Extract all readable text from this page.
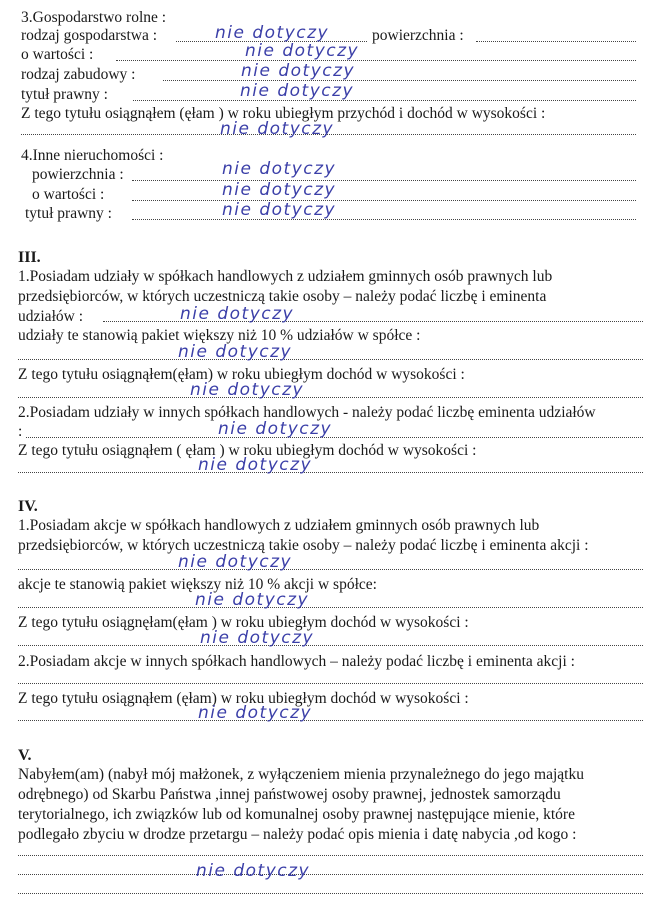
3.Gospodarstwo rolne :
rodzaj gospodarstwa :	nie dotyczy	powierzchnia :
o wartości :	nie dotyczy
rodzaj zabudowy :	nie dotyczy
tytuł prawny :	nie dotyczy
Z tego tytułu osiągnąłem (ęłam ) w roku ubiegłym przychód i dochód w wysokości :
nie dotyczy
4.Inne nieruchomości :
powierzchnia :	nie dotyczy
o wartości :	nie dotyczy
tytuł prawny :	nie dotyczy
III.
1.Posiadam udziały w spółkach handlowych z udziałem gminnych osób prawnych lub
przedsiębiorców, w których uczestniczą takie osoby – należy podać liczbę i eminenta
udziałów :	nie dotyczy
udziały te stanowią pakiet większy niż 10 % udziałów w spółce :
nie dotyczy
Z tego tytułu osiągnąłem(ęłam) w roku ubiegłym dochód w wysokości :
nie dotyczy
2.Posiadam udziały w innych spółkach handlowych - należy podać liczbę eminenta udziałów
:	nie dotyczy
Z tego tytułu osiągnąłem ( ęłam ) w roku ubiegłym dochód w wysokości :
nie dotyczy
IV.
1.Posiadam akcje w spółkach handlowych z udziałem gminnych osób prawnych lub
przedsiębiorców, w których uczestniczą takie osoby – należy podać liczbę i eminenta akcji :
nie dotyczy
akcje te stanowią pakiet większy niż 10 % akcji w spółce:
nie dotyczy
Z tego tytułu osiągnęłam(ęłam ) w roku ubiegłym dochód w wysokości :
nie dotyczy
2.Posiadam akcje w innych spółkach handlowych – należy podać liczbę i eminenta akcji :
Z tego tytułu osiągnąłem (ęłam) w roku ubiegłym dochód w wysokości :
nie dotyczy
V.
Nabyłem(am) (nabył mój małżonek, z wyłączeniem mienia przynależnego do jego majątku
odrębnego) od Skarbu Państwa ,innej państwowej osoby prawnej, jednostek samorządu
terytorialnego, ich związków lub od komunalnej osoby prawnej następujące mienie, które
podlegało zbyciu w drodze przetargu – należy podać opis mienia i datę nabycia ,od kogo :
nie dotyczy
